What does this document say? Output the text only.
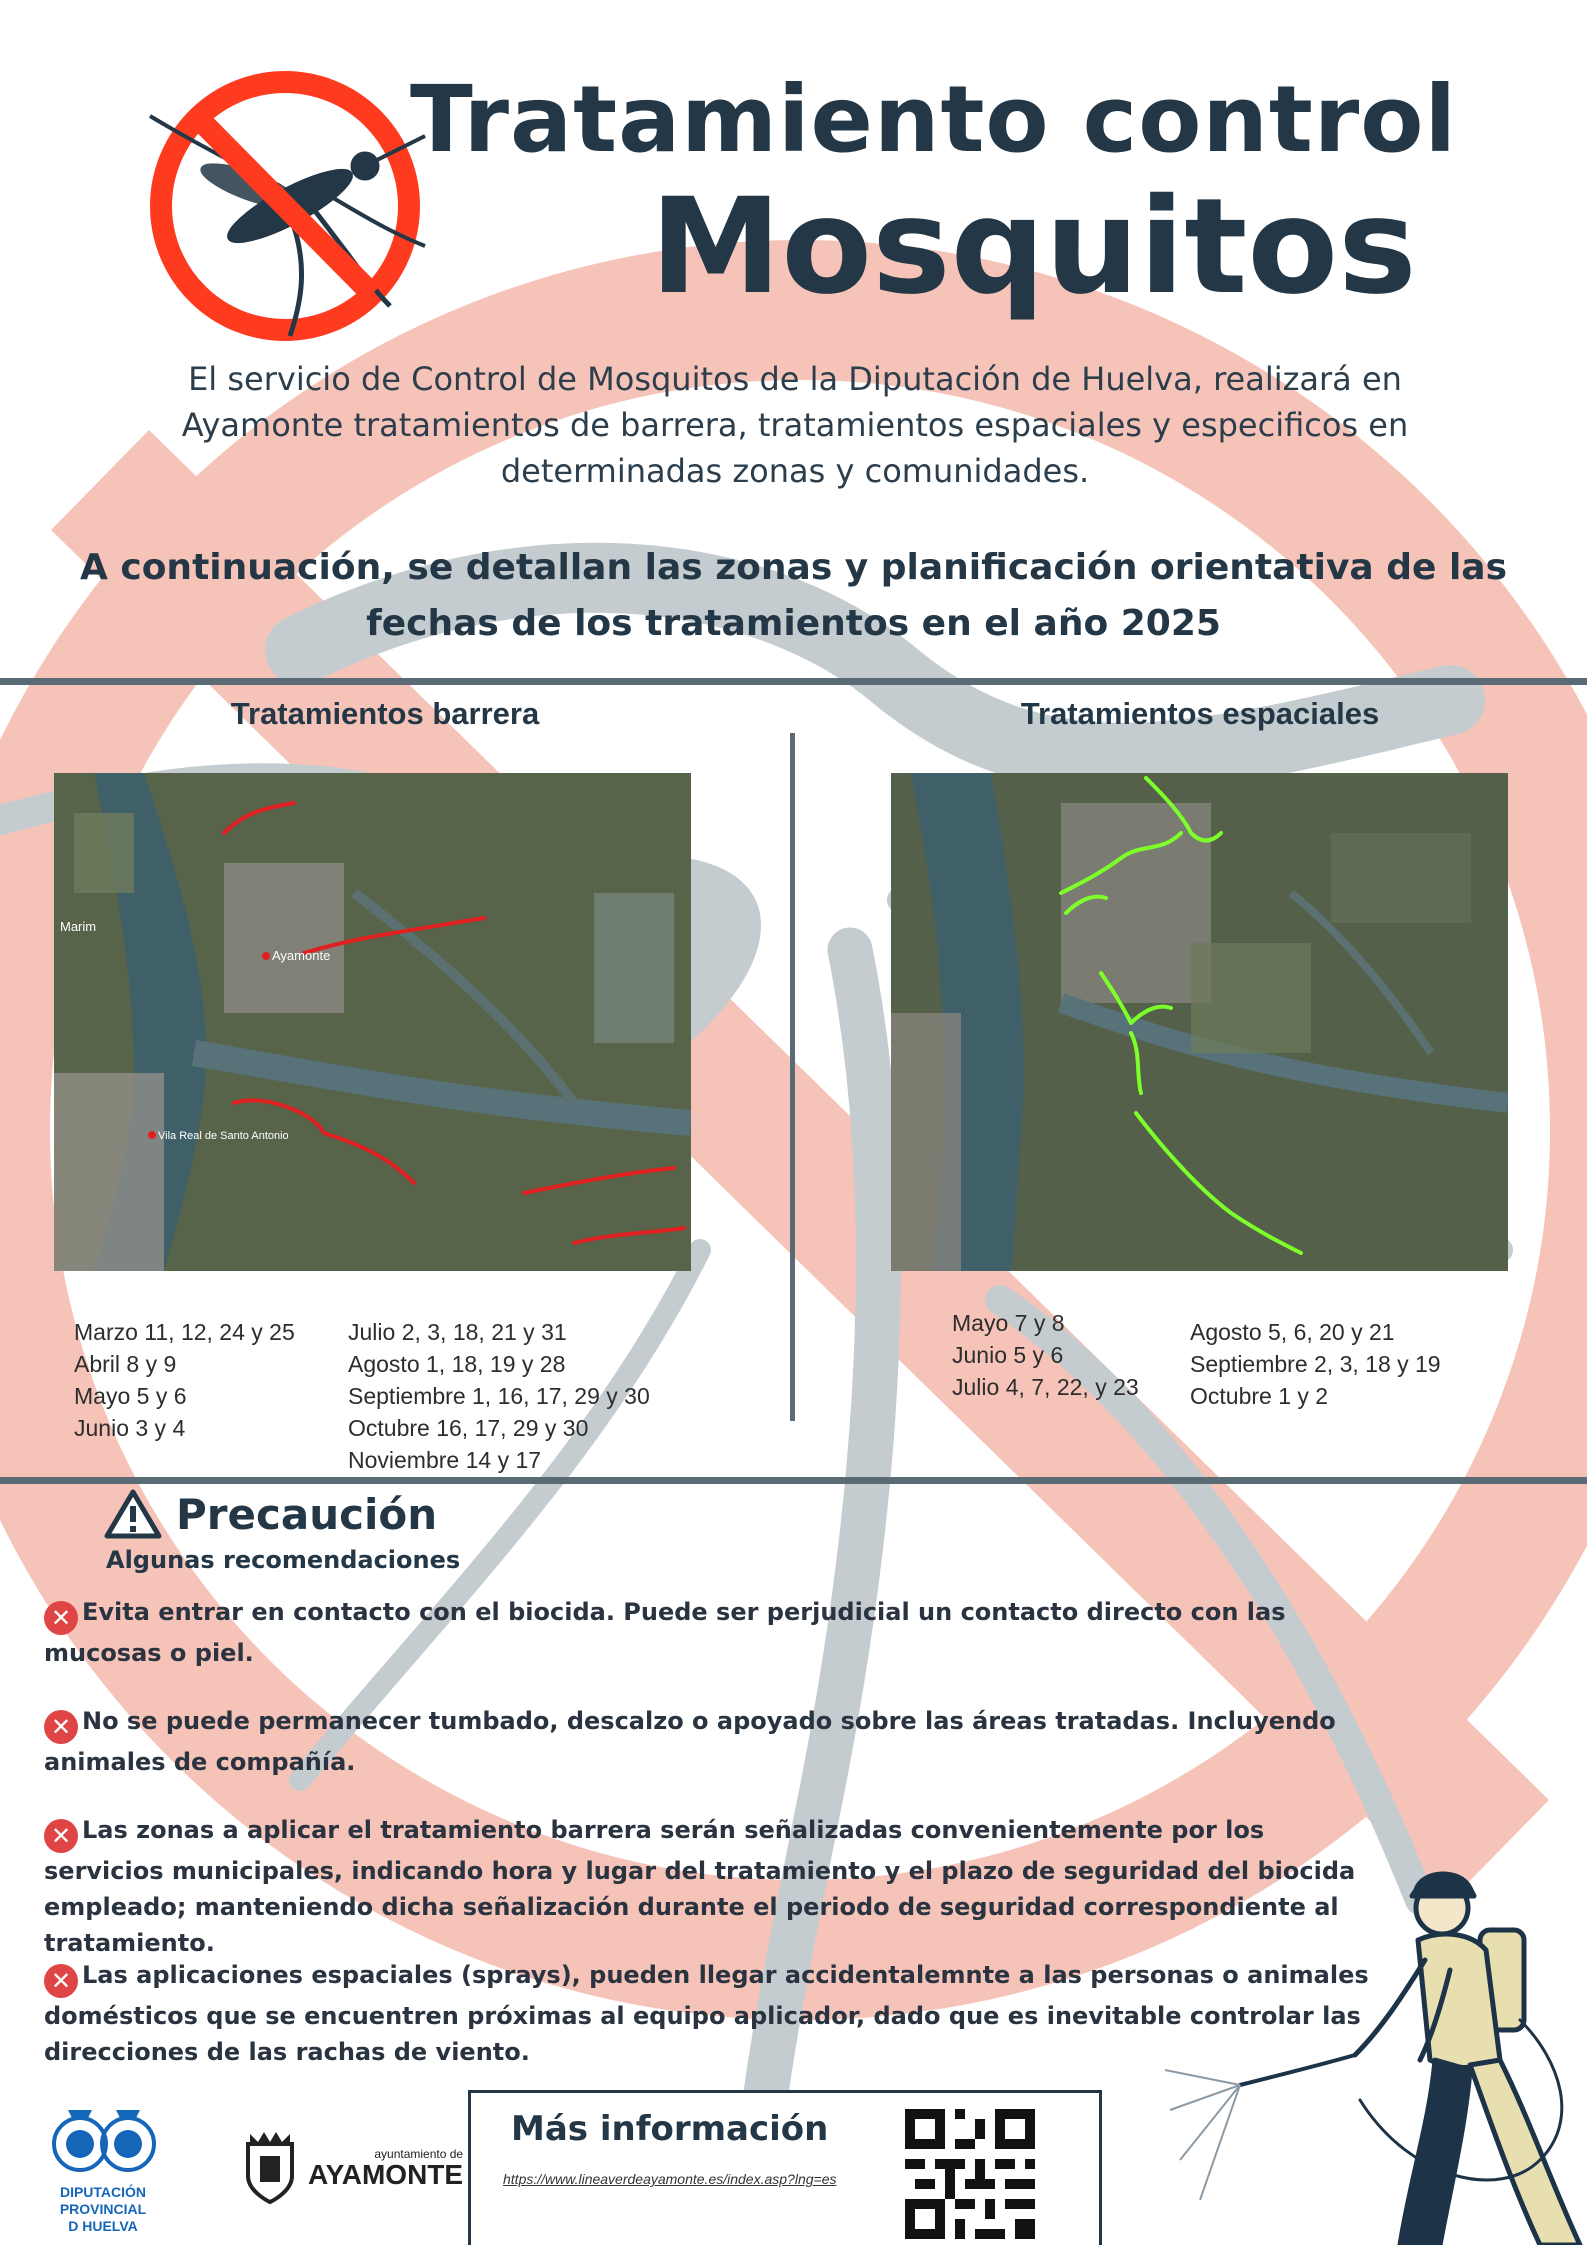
Tratamiento control
Mosquitos

El servicio de Control de Mosquitos de la Diputación de Huelva, realizará en Ayamonte tratamientos de barrera, tratamientos espaciales y especificos en determinadas zonas y comunidades.

A continuación, se detallan las zonas y planificación orientativa de las fechas de los tratamientos en el año 2025

Tratamientos barrera
Marim
Ayamonte
Vila Real de Santo Antonio
Marzo 11, 12, 24 y 25
Abril 8 y 9
Mayo 5 y 6
Junio 3 y 4
Julio 2, 3, 18, 21 y 31
Agosto 1, 18, 19 y 28
Septiembre 1, 16, 17, 29 y 30
Octubre 16, 17, 29 y 30
Noviembre 14 y 17
Tratamientos espaciales
Mayo 7 y 8
Junio 5 y 6
Julio 4, 7, 22, y 23
Agosto 5, 6, 20 y 21
Septiembre 2, 3, 18 y 19
Octubre 1 y 2
Precaución
Algunas recomendaciones

✕ Evita entrar en contacto con el biocida. Puede ser perjudicial un contacto directo con las mucosas o piel.

✕ No se puede permanecer tumbado, descalzo o apoyado sobre las áreas tratadas. Incluyendo animales de compañía.

✕ Las zonas a aplicar el tratamiento barrera serán señalizadas convenientemente por los servicios municipales, indicando hora y lugar del tratamiento y el plazo de seguridad del biocida empleado; manteniendo dicha señalización durante el periodo de seguridad correspondiente al tratamiento.

✕ Las aplicaciones espaciales (sprays), pueden llegar accidentalemnte a las personas o animales domésticos que se encuentren próximas al equipo aplicador, dado que es inevitable controlar las direcciones de las rachas de viento.

DIPUTACIÓN PROVINCIAL
D HUELVA
ayuntamiento de
AYAMONTE
Más información
https://www.lineaverdeayamonte.es/index.asp?lng=es
